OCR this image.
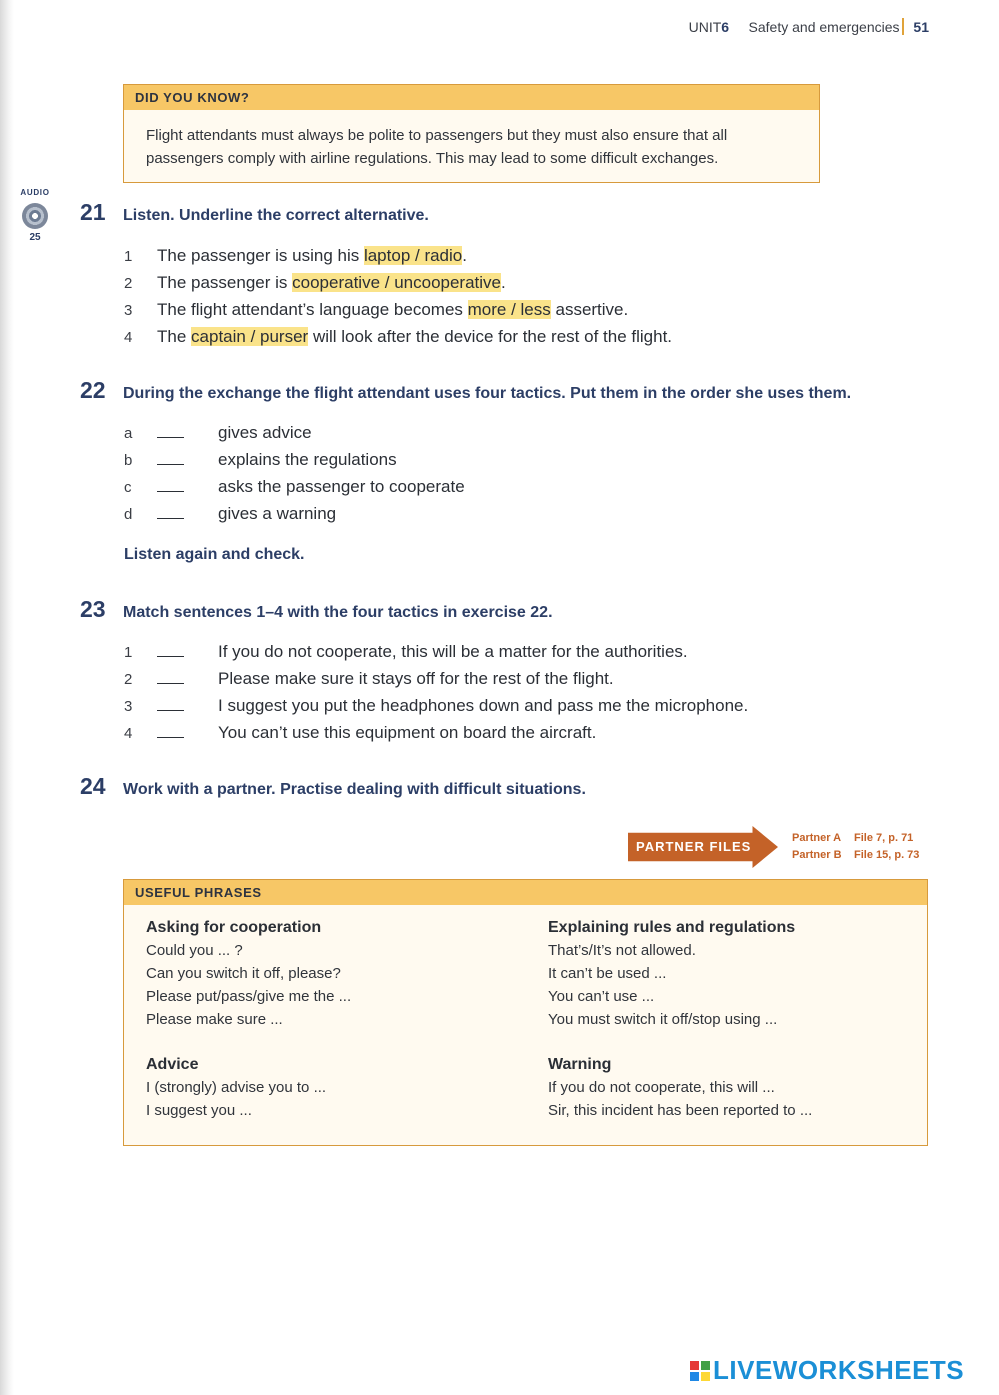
UNIT6 Safety and emergencies 51
DID YOU KNOW?
Flight attendants must always be polite to passengers but they must also ensure that all
passengers comply with airline regulations. This may lead to some difficult exchanges.
AUDIO
25
21 Listen. Underline the correct alternative.
1 The passenger is using his laptop / radio.
2 The passenger is cooperative / uncooperative.
3 The flight attendant’s language becomes more / less assertive.
4 The captain / purser will look after the device for the rest of the flight.
22 During the exchange the flight attendant uses four tactics. Put them in the order she uses them.
a	gives advice
b	explains the regulations
c	asks the passenger to cooperate
d	gives a warning
Listen again and check.
23 Match sentences 1–4 with the four tactics in exercise 22.
1	If you do not cooperate, this will be a matter for the authorities.
2	Please make sure it stays off for the rest of the flight.
3	I suggest you put the headphones down and pass me the microphone.
4	You can’t use this equipment on board the aircraft.
24 Work with a partner. Practise dealing with difficult situations.
PARTNER FILES
Partner A File 7, p. 71
Partner B File 15, p. 73
USEFUL PHRASES
Asking for cooperation
Could you ... ?
Can you switch it off, please?
Please put/pass/give me the ...
Please make sure ...
Advice
I (strongly) advise you to ...
I suggest you ...
Explaining rules and regulations
That’s/It’s not allowed.
It can’t be used ...
You can’t use ...
You must switch it off/stop using ...
Warning
If you do not cooperate, this will ...
Sir, this incident has been reported to ...
LIVEWORKSHEETS
